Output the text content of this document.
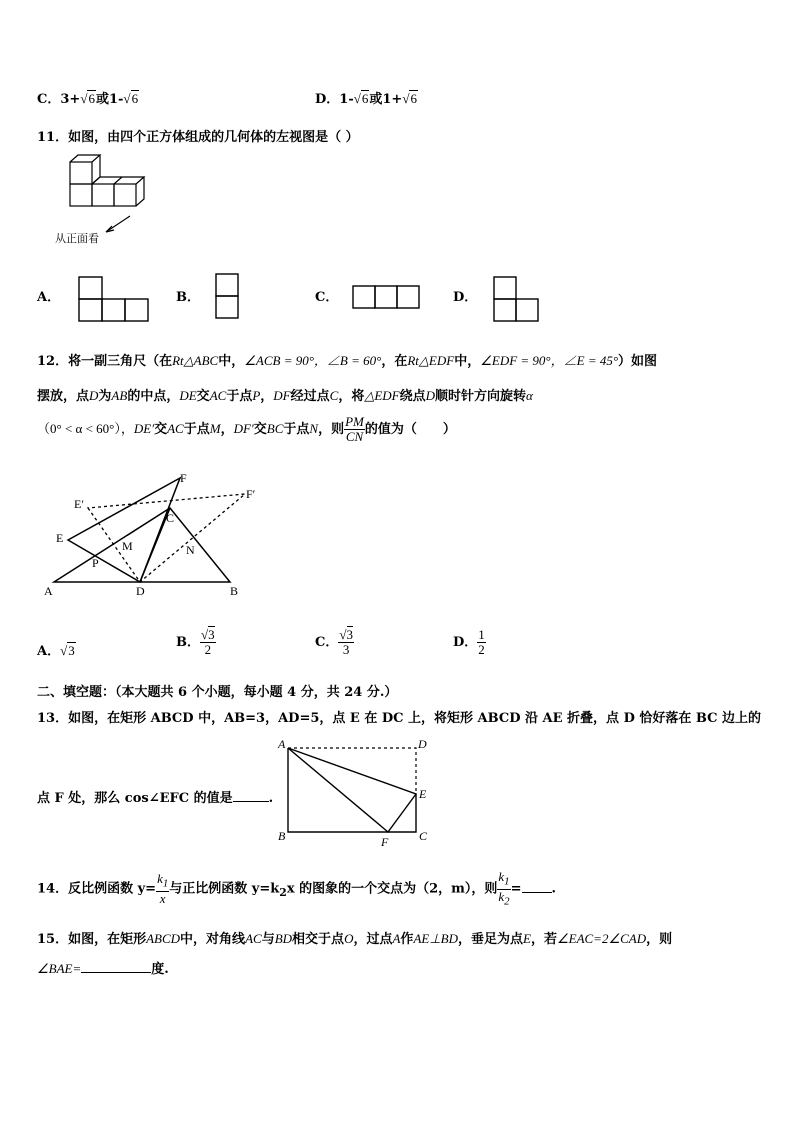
C．3+√6或1-√6	D．1-√6或1+√6
11．如图，由四个正方体组成的几何体的左视图是（ ）
从正面看
A．	B．	C．	D．
12．将一副三角尺（在Rt△ABC中，∠ACB = 90°，∠B = 60°，在Rt△EDF中，∠EDF = 90°，∠E = 45°）如图
摆放，点D为AB的中点，DE交AC于点P，DF经过点C，将△EDF绕点D顺时针方向旋转α
（0° < α < 60°），DE′交AC于点M，DF′交BC于点N，则 $\frac{PM}{CN}$ 的值为（　　）
F
E′
F′
C
E
M	N
P
A	D	B
A．√3
B． $\frac{√3}{2}$	C． $\frac{√3}{3}$	D． $\frac{1}{2}$
二、填空题：（本大题共 6 个小题，每小题 4 分，共 24 分.）
13．如图，在矩形 ABCD 中，AB=3，AD=5，点 E 在 DC 上，将矩形 ABCD 沿 AE 折叠，点 D 恰好落在 BC 边上的
A	D
E
B	F	C
点 F 处，那么 cos∠EFC 的值是	.
14．反比例函数 $y= \frac{k_1}{x}$ 与正比例函数 $y=k_2x$ 的图象的一个交点为（2，m），则 $\frac{k_1}{k_2}$ = .
15．如图，在矩形ABCD中，对角线AC与BD相交于点O，过点A作AE⊥BD，垂足为点E，若∠EAC=2∠CAD，则
∠BAE=	度.
